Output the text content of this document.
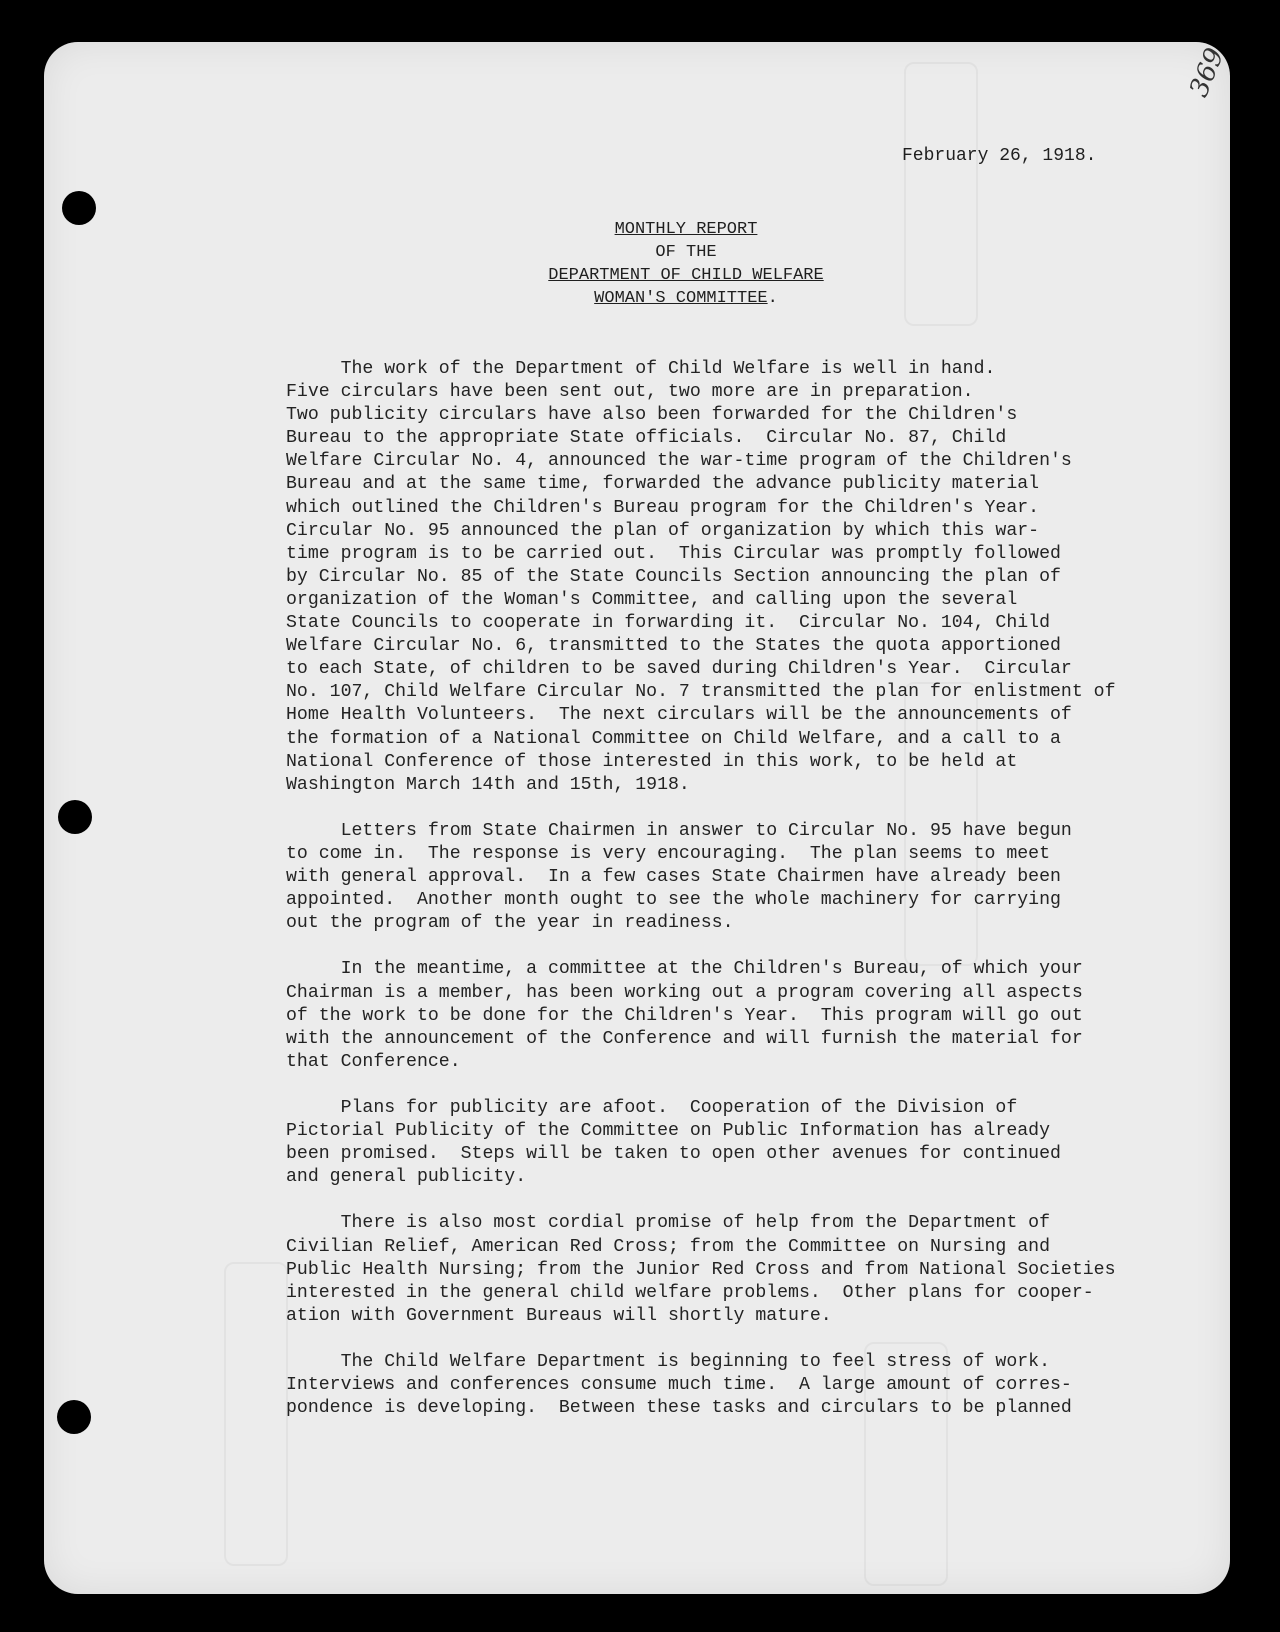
369
February 26, 1918.
MONTHLY REPORT
OF THE
DEPARTMENT OF CHILD WELFARE
WOMAN'S COMMITTEE.
The work of the Department of Child Welfare is well in hand.
Five circulars have been sent out, two more are in preparation.
Two publicity circulars have also been forwarded for the Children's
Bureau to the appropriate State officials.  Circular No. 87, Child
Welfare Circular No. 4, announced the war-time program of the Children's
Bureau and at the same time, forwarded the advance publicity material
which outlined the Children's Bureau program for the Children's Year.
Circular No. 95 announced the plan of organization by which this war-
time program is to be carried out.  This Circular was promptly followed
by Circular No. 85 of the State Councils Section announcing the plan of
organization of the Woman's Committee, and calling upon the several
State Councils to cooperate in forwarding it.  Circular No. 104, Child
Welfare Circular No. 6, transmitted to the States the quota apportioned
to each State, of children to be saved during Children's Year.  Circular
No. 107, Child Welfare Circular No. 7 transmitted the plan for enlistment of
Home Health Volunteers.  The next circulars will be the announcements of
the formation of a National Committee on Child Welfare, and a call to a
National Conference of those interested in this work, to be held at
Washington March 14th and 15th, 1918.
Letters from State Chairmen in answer to Circular No. 95 have begun
to come in.  The response is very encouraging.  The plan seems to meet
with general approval.  In a few cases State Chairmen have already been
appointed.  Another month ought to see the whole machinery for carrying
out the program of the year in readiness.
In the meantime, a committee at the Children's Bureau, of which your
Chairman is a member, has been working out a program covering all aspects
of the work to be done for the Children's Year.  This program will go out
with the announcement of the Conference and will furnish the material for
that Conference.
Plans for publicity are afoot.  Cooperation of the Division of
Pictorial Publicity of the Committee on Public Information has already
been promised.  Steps will be taken to open other avenues for continued
and general publicity.
There is also most cordial promise of help from the Department of
Civilian Relief, American Red Cross; from the Committee on Nursing and
Public Health Nursing; from the Junior Red Cross and from National Societies
interested in the general child welfare problems.  Other plans for cooper-
ation with Government Bureaus will shortly mature.
The Child Welfare Department is beginning to feel stress of work.
Interviews and conferences consume much time.  A large amount of corres-
pondence is developing.  Between these tasks and circulars to be planned
